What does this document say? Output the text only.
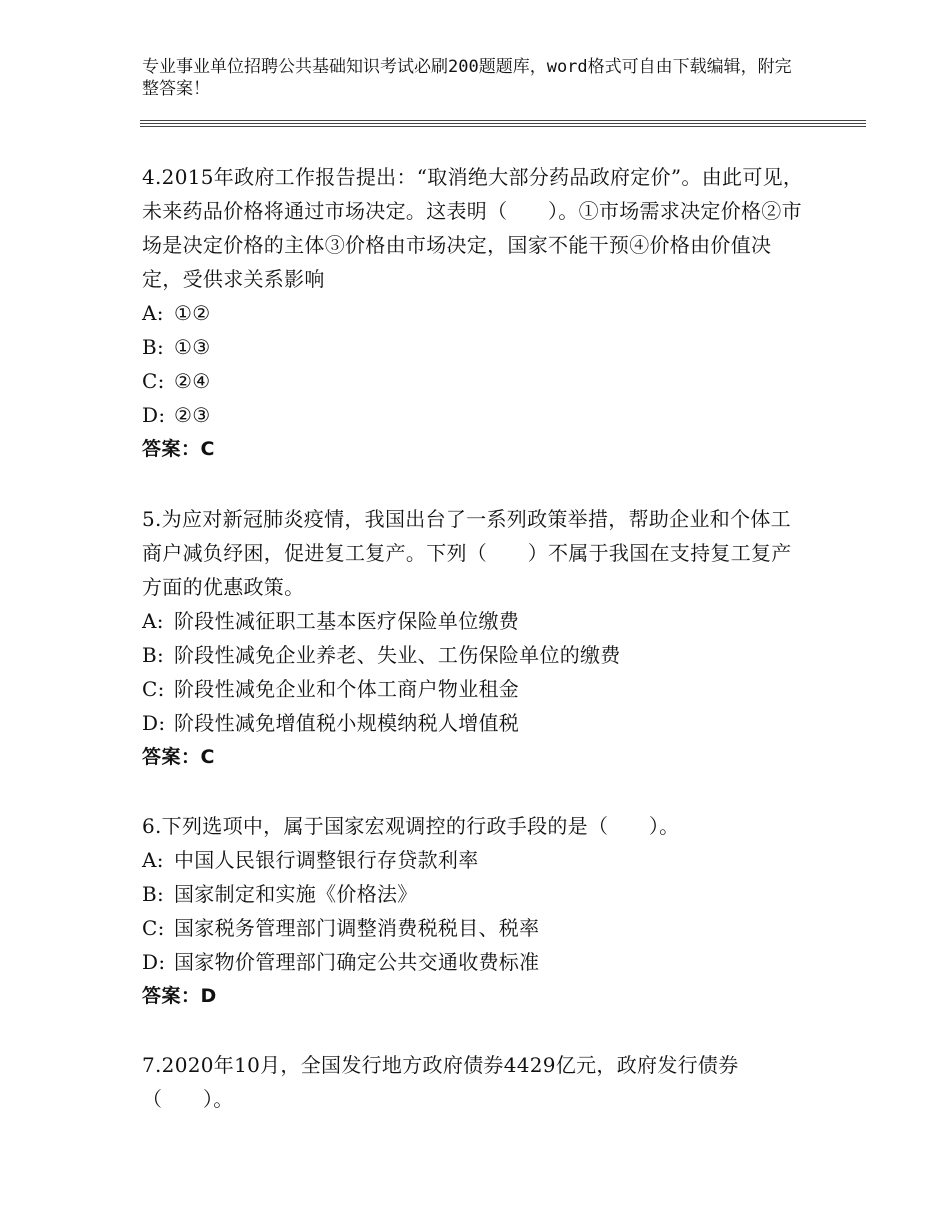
专业事业单位招聘公共基础知识考试必刷200题题库，word格式可自由下载编辑，附完整答案！

4.2015年政府工作报告提出：“取消绝大部分药品政府定价”。由此可见，未来药品价格将通过市场决定。这表明（　　）。①市场需求决定价格②市场是决定价格的主体③价格由市场决定，国家不能干预④价格由价值决定，受供求关系影响

A: ①②

B: ①③

C: ②④

D: ②③

答案：C

5.为应对新冠肺炎疫情，我国出台了一系列政策举措，帮助企业和个体工商户减负纾困，促进复工复产。下列（　　）不属于我国在支持复工复产方面的优惠政策。

A: 阶段性减征职工基本医疗保险单位缴费

B: 阶段性减免企业养老、失业、工伤保险单位的缴费

C: 阶段性减免企业和个体工商户物业租金

D: 阶段性减免增值税小规模纳税人增值税

答案：C

6.下列选项中，属于国家宏观调控的行政手段的是（　　）。

A: 中国人民银行调整银行存贷款利率

B: 国家制定和实施《价格法》

C: 国家税务管理部门调整消费税税目、税率

D: 国家物价管理部门确定公共交通收费标准

答案：D

7.2020年10月，全国发行地方政府债券4429亿元，政府发行债券（　　）。
